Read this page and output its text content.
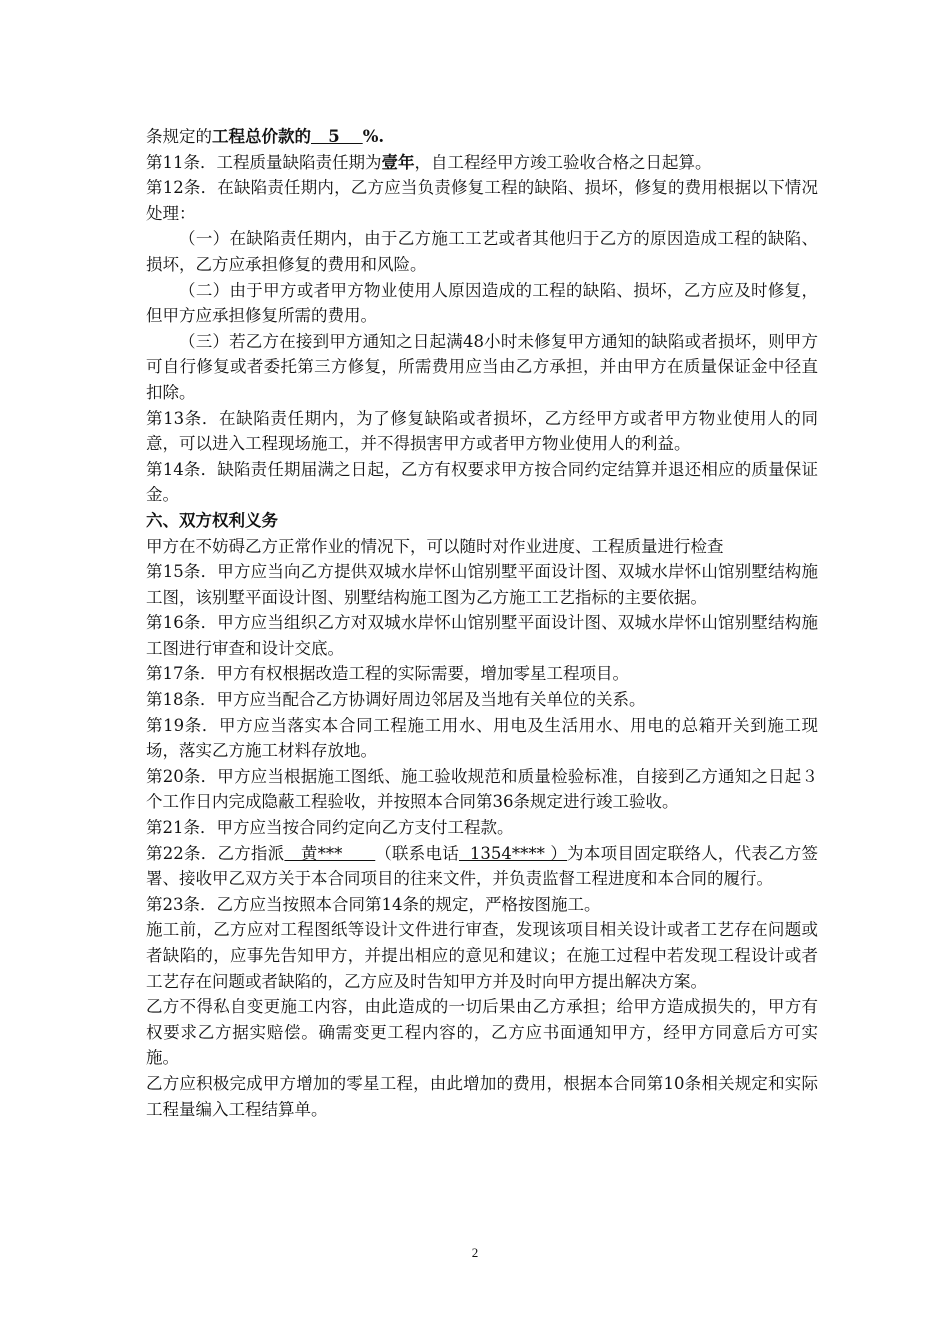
条规定的工程总价款的   5    %.

第11条．工程质量缺陷责任期为壹年，自工程经甲方竣工验收合格之日起算。

第12条．在缺陷责任期内，乙方应当负责修复工程的缺陷、损坏，修复的费用根据以下情况处理：

（一）在缺陷责任期内，由于乙方施工工艺或者其他归于乙方的原因造成工程的缺陷、损坏，乙方应承担修复的费用和风险。

（二）由于甲方或者甲方物业使用人原因造成的工程的缺陷、损坏，乙方应及时修复，但甲方应承担修复所需的费用。

（三）若乙方在接到甲方通知之日起满48小时未修复甲方通知的缺陷或者损坏，则甲方可自行修复或者委托第三方修复，所需费用应当由乙方承担，并由甲方在质量保证金中径直扣除。

第13条．在缺陷责任期内，为了修复缺陷或者损坏，乙方经甲方或者甲方物业使用人的同意，可以进入工程现场施工，并不得损害甲方或者甲方物业使用人的利益。

第14条．缺陷责任期届满之日起，乙方有权要求甲方按合同约定结算并退还相应的质量保证金。

六、双方权利义务

甲方在不妨碍乙方正常作业的情况下，可以随时对作业进度、工程质量进行检查

第15条．甲方应当向乙方提供双城水岸怀山馆别墅平面设计图、双城水岸怀山馆别墅结构施工图，该别墅平面设计图、别墅结构施工图为乙方施工工艺指标的主要依据。

第16条．甲方应当组织乙方对双城水岸怀山馆别墅平面设计图、双城水岸怀山馆别墅结构施工图进行审查和设计交底。

第17条．甲方有权根据改造工程的实际需要，增加零星工程项目。

第18条．甲方应当配合乙方协调好周边邻居及当地有关单位的关系。

第19条．甲方应当落实本合同工程施工用水、用电及生活用水、用电的总箱开关到施工现场，落实乙方施工材料存放地。

第20条．甲方应当根据施工图纸、施工验收规范和质量检验标准，自接到乙方通知之日起３个工作日内完成隐蔽工程验收，并按照本合同第36条规定进行竣工验收。

第21条．甲方应当按合同约定向乙方支付工程款。

第22条．乙方指派   黄***      （联系电话  1354**** ）为本项目固定联络人，代表乙方签署、接收甲乙双方关于本合同项目的往来文件，并负责监督工程进度和本合同的履行。

第23条．乙方应当按照本合同第14条的规定，严格按图施工。

施工前，乙方应对工程图纸等设计文件进行审查，发现该项目相关设计或者工艺存在问题或者缺陷的，应事先告知甲方，并提出相应的意见和建议；在施工过程中若发现工程设计或者工艺存在问题或者缺陷的，乙方应及时告知甲方并及时向甲方提出解决方案。

乙方不得私自变更施工内容，由此造成的一切后果由乙方承担；给甲方造成损失的，甲方有权要求乙方据实赔偿。确需变更工程内容的，乙方应书面通知甲方，经甲方同意后方可实施。

乙方应积极完成甲方增加的零星工程，由此增加的费用，根据本合同第10条相关规定和实际工程量编入工程结算单。

2
